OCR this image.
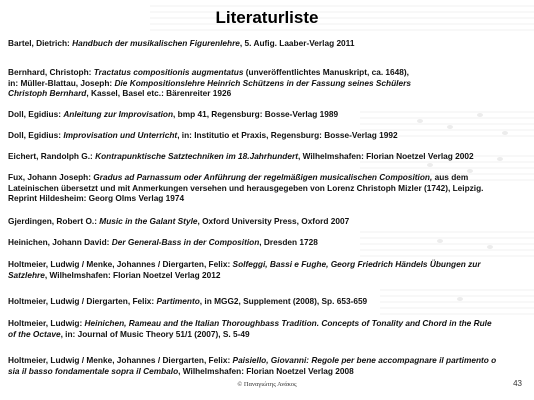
Literaturliste

Bartel, Dietrich: Handbuch der musikalischen Figurenlehre, 5. Aufig. Laaber-Verlag 2011

Bernhard, Christoph: Tractatus compositionis augmentatus (unveröffentlichtes Manuskript, ca. 1648),
in: Müller-Blattau, Joseph: Die Kompositionslehre Heinrich Schützens in der Fassung seines Schülers
Christoph Bernhard, Kassel, Basel etc.: Bärenreiter 1926

Doll, Egidius: Anleitung zur Improvisation, bmp 41, Regensburg: Bosse-Verlag 1989

Doll, Egidius: Improvisation und Unterricht, in: Institutio et Praxis, Regensburg: Bosse-Verlag 1992

Eichert, Randolph G.: Kontrapunktische Satztechniken im 18.Jahrhundert, Wilhelmshafen: Florian Noetzel Verlag 2002

Fux, Johann Joseph: Gradus ad Parnassum oder Anführung der regelmäßigen musicalischen Composition, aus dem
Lateinischen übersetzt und mit Anmerkungen versehen und herausgegeben von Lorenz Christoph Mizler (1742), Leipzig.
Reprint Hildesheim: Georg Olms Verlag 1974

Gjerdingen, Robert O.: Music in the Galant Style, Oxford University Press, Oxford 2007

Heinichen, Johann David: Der General-Bass in der Composition, Dresden 1728

Holtmeier, Ludwig / Menke, Johannes / Diergarten, Felix: Solfeggi, Bassi e Fughe, Georg Friedrich Händels Übungen zur
Satzlehre, Wilhelmshafen: Florian Noetzel Verlag 2012

Holtmeier, Ludwig / Diergarten, Felix: Partimento, in MGG2, Supplement (2008), Sp. 653-659

Holtmeier, Ludwig: Heinichen, Rameau and the Italian Thoroughbass Tradition. Concepts of Tonality and Chord in the Rule
of the Octave, in: Journal of Music Theory 51/1 (2007), S. 5-49

Holtmeier, Ludwig / Menke, Johannes / Diergarten, Felix: Paisiello, Giovanni: Regole per bene accompagnare il partimento o
sia il basso fondamentale sopra il Cembalo, Wilhelmshafen: Florian Noetzel Verlag 2008

© Παναγιώτης Ανάκος	43
